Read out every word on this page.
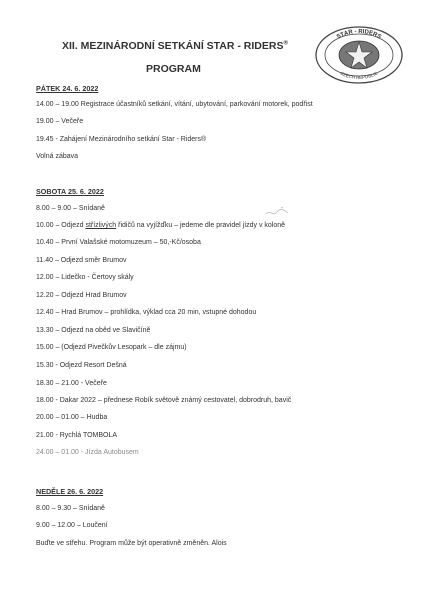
XII. MEZINÁRODNÍ SETKÁNÍ STAR - RIDERS®
PROGRAM
STAR - RIDERS
CZECH REPUBLIC
PÁTEK 24. 6. 2022
14.00 – 19.00 Registrace účastníků setkání, vítání, ubytování, parkování motorek, podřist
19.00 – Večeře
19.45 - Zahájení Mezinárodního setkání Star - Riders®
Volná zábava
SOBOTA 25. 6. 2022
8.00 – 9.00 – Snídaně
10.00 – Odjezd střízlivých řidičů na vyjížďku – jedeme dle pravidel jízdy v koloně
10.40 – První Valašské motomuzeum – 50,-Kč/osoba
11.40 – Odjezd směr Brumov
12.00 – Lidečko - Čertovy skály
12.20 – Odjezd Hrad Brumov
12.40 – Hrad Brumov – prohlídka, výklad cca 20 min, vstupné dohodou
13.30 – Odjezd na oběd ve Slavičíně
15.00 – (Odjezd Pivečkův Lesopark – dle zájmu)
15.30 - Odjezd Resort Dešná
18.30 – 21.00 - Večeře
18.00 - Dakar 2022 – přednese Robík světově známý cestovatel, dobrodruh, bavič
20.00 – 01.00 – Hudba
21.00 - Rychlá TOMBOLA
24.00 – 01.00 - Jízda Autobusem
NEDĚLE 26. 6. 2022
8.00 – 9.30 – Snídaně
9.00 – 12.00 – Loučení
Buďte ve střehu. Program může být operativně změněn. Alois
